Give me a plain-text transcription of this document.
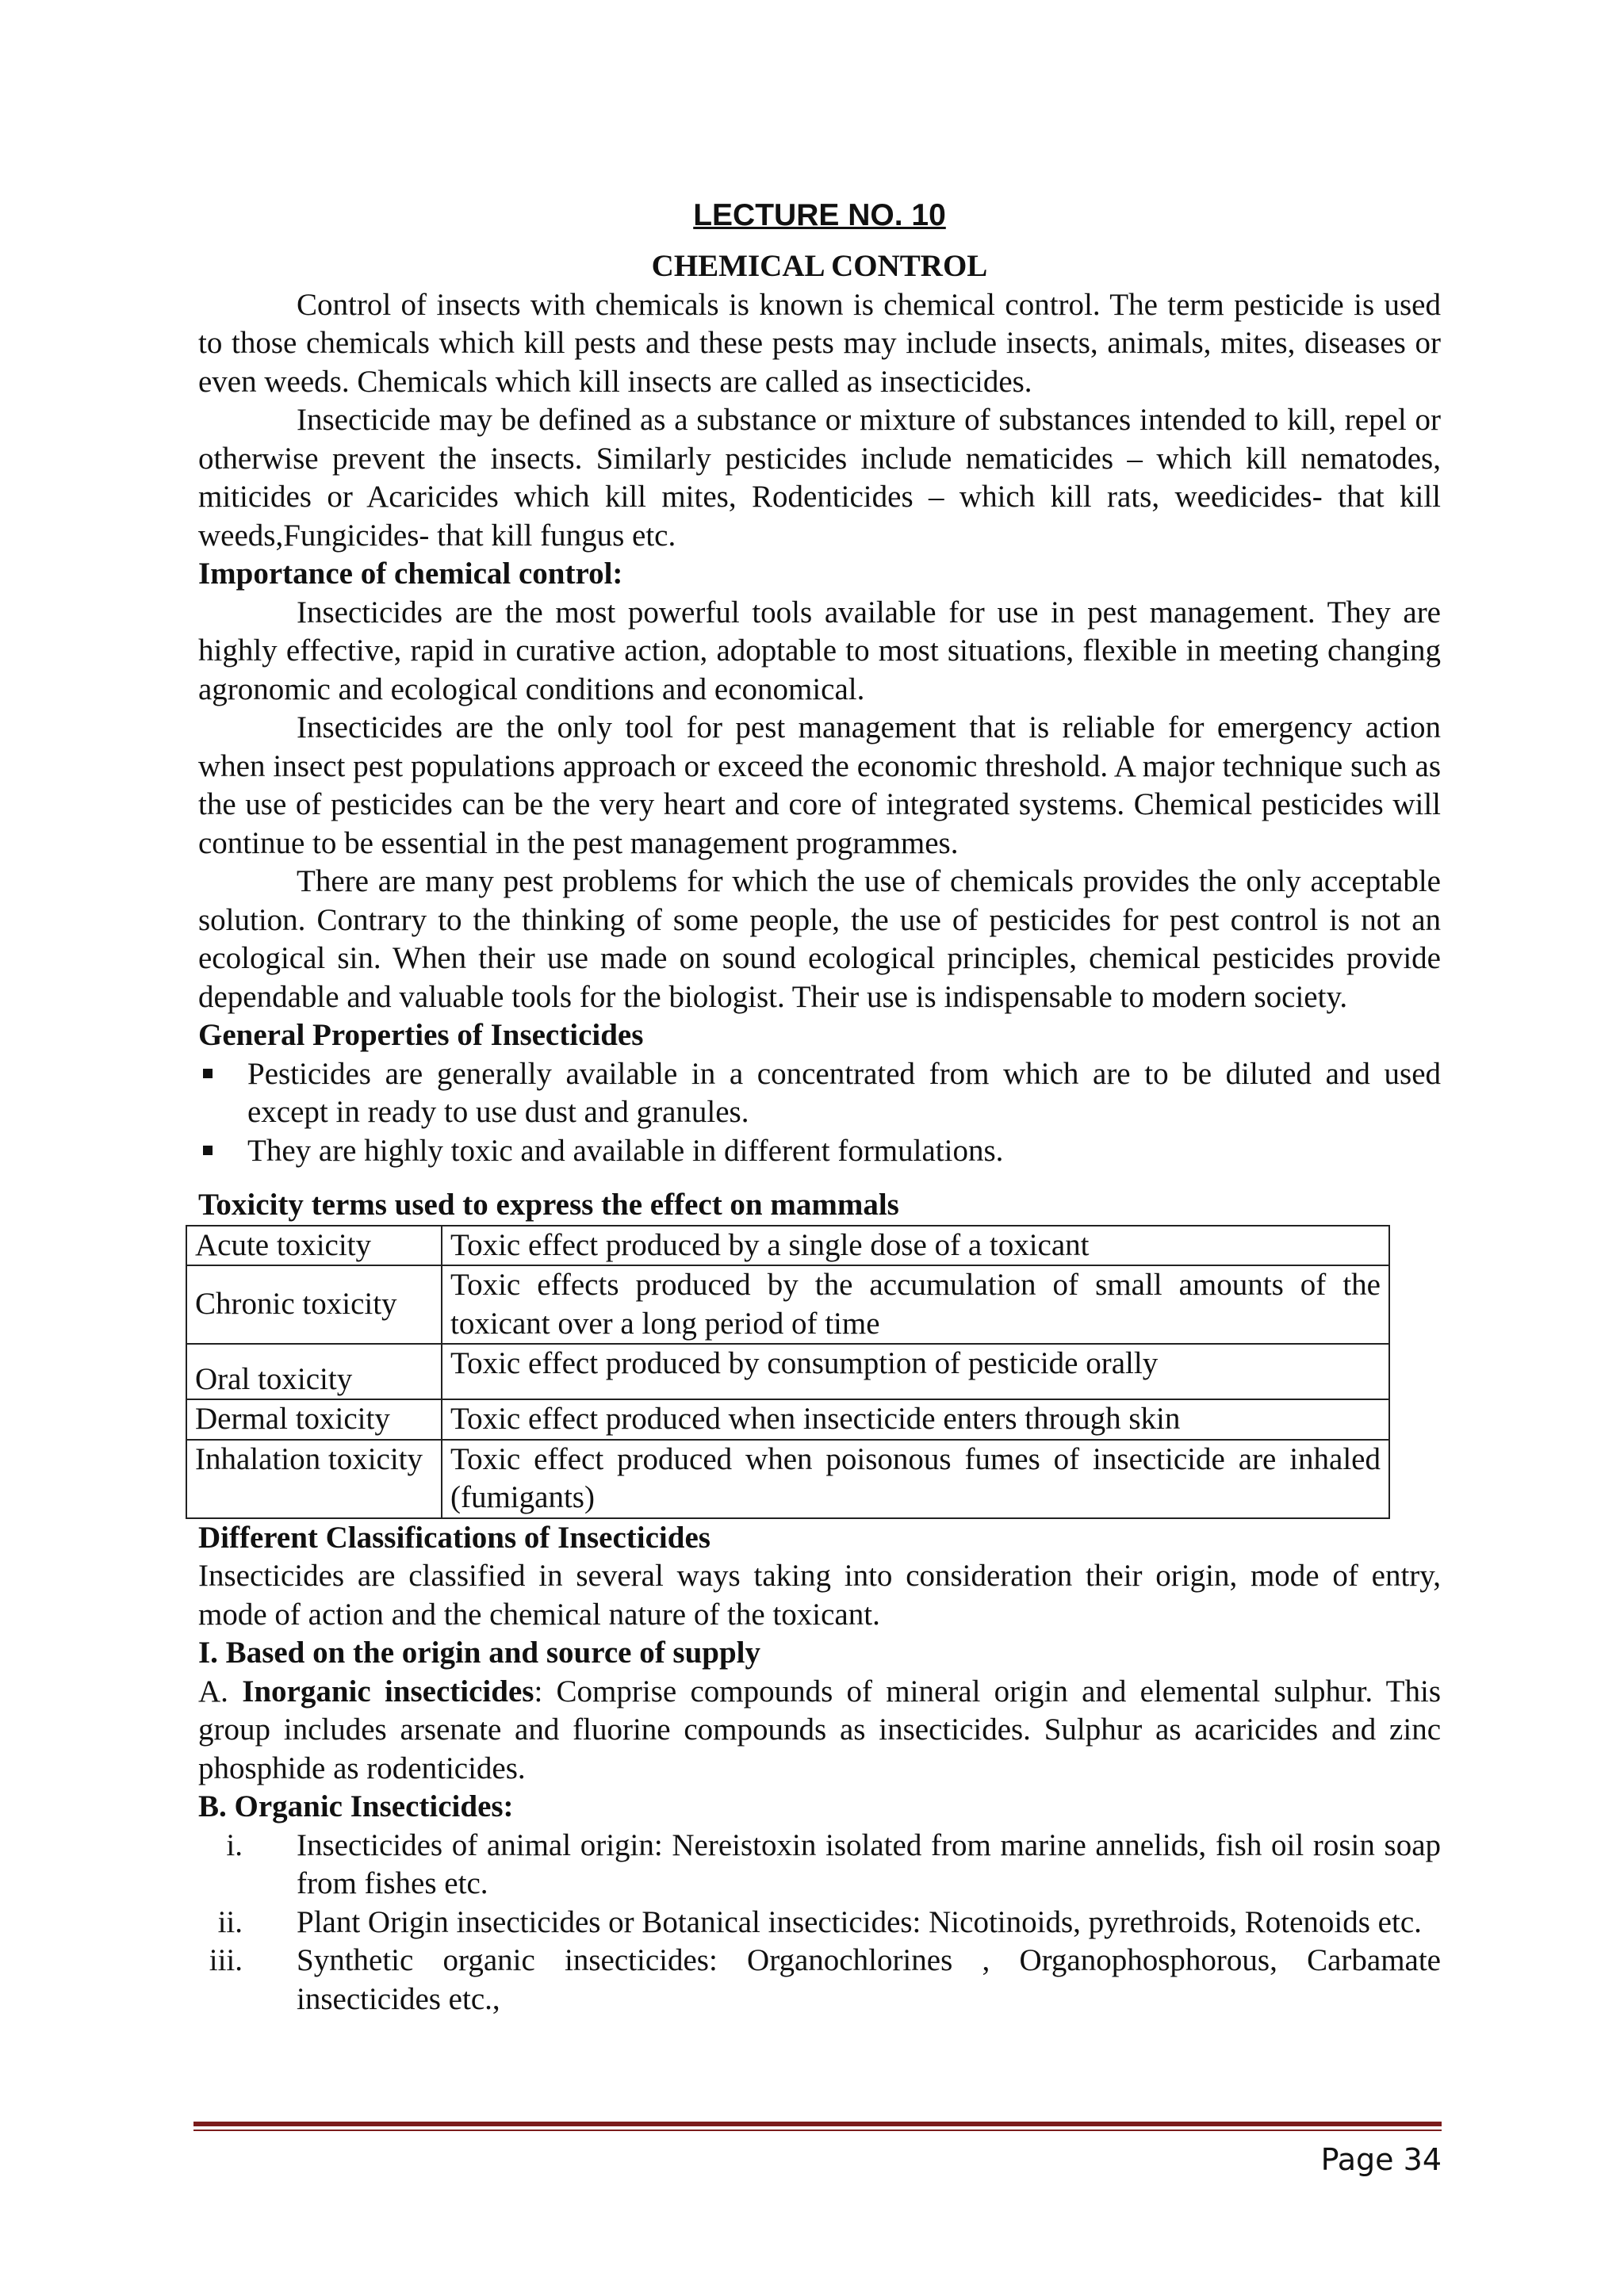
LECTURE NO. 10
CHEMICAL CONTROL

Control of insects with chemicals is known is chemical control. The term pesticide is used to those chemicals which kill pests and these pests may include insects, animals, mites, diseases or even weeds. Chemicals which kill insects are called as insecticides.

Insecticide may be defined as a substance or mixture of substances intended to kill, repel or otherwise prevent the insects. Similarly pesticides include nematicides – which kill nematodes, miticides or Acaricides which kill mites, Rodenticides – which kill rats, weedicides- that kill weeds,Fungicides- that kill fungus etc.

Importance of chemical control:

Insecticides are the most powerful tools available for use in pest management. They are highly effective, rapid in curative action, adoptable to most situations, flexible in meeting changing agronomic and ecological conditions and economical.

Insecticides are the only tool for pest management that is reliable for emergency action when insect pest populations approach or exceed the economic threshold. A major technique such as the use of pesticides can be the very heart and core of integrated systems. Chemical pesticides will continue to be essential in the pest management programmes.

There are many pest problems for which the use of chemicals provides the only acceptable solution. Contrary to the thinking of some people, the use of pesticides for pest control is not an ecological sin. When their use made on sound ecological principles, chemical pesticides provide dependable and valuable tools for the biologist. Their use is indispensable to modern society.

General Properties of Insecticides
Pesticides are generally available in a concentrated from which are to be diluted and used except in ready to use dust and granules.
They are highly toxic and available in different formulations.
Toxicity terms used to express the effect on mammals
Acute toxicity	Toxic effect produced by a single dose of a toxicant
Chronic toxicity	Toxic effects produced by the accumulation of small amounts of the toxicant over a long period of time
Oral toxicity	Toxic effect produced by consumption of pesticide orally
Dermal toxicity	Toxic effect produced when insecticide enters through skin
Inhalation toxicity	Toxic effect produced when poisonous fumes of insecticide are inhaled (fumigants)
Different Classifications of Insecticides

Insecticides are classified in several ways taking into consideration their origin, mode of entry, mode of action and the chemical nature of the toxicant.

I. Based on the origin and source of supply

A. Inorganic insecticides: Comprise compounds of mineral origin and elemental sulphur. This group includes arsenate and fluorine compounds as insecticides. Sulphur as acaricides and zinc phosphide as rodenticides.

B. Organic Insecticides:
i. Insecticides of animal origin: Nereistoxin isolated from marine annelids, fish oil rosin soap from fishes etc.
ii. Plant Origin insecticides or Botanical insecticides: Nicotinoids, pyrethroids, Rotenoids etc.
iii. Synthetic organic insecticides: Organochlorines , Organophosphorous, Carbamate insecticides etc.,
Page 34
